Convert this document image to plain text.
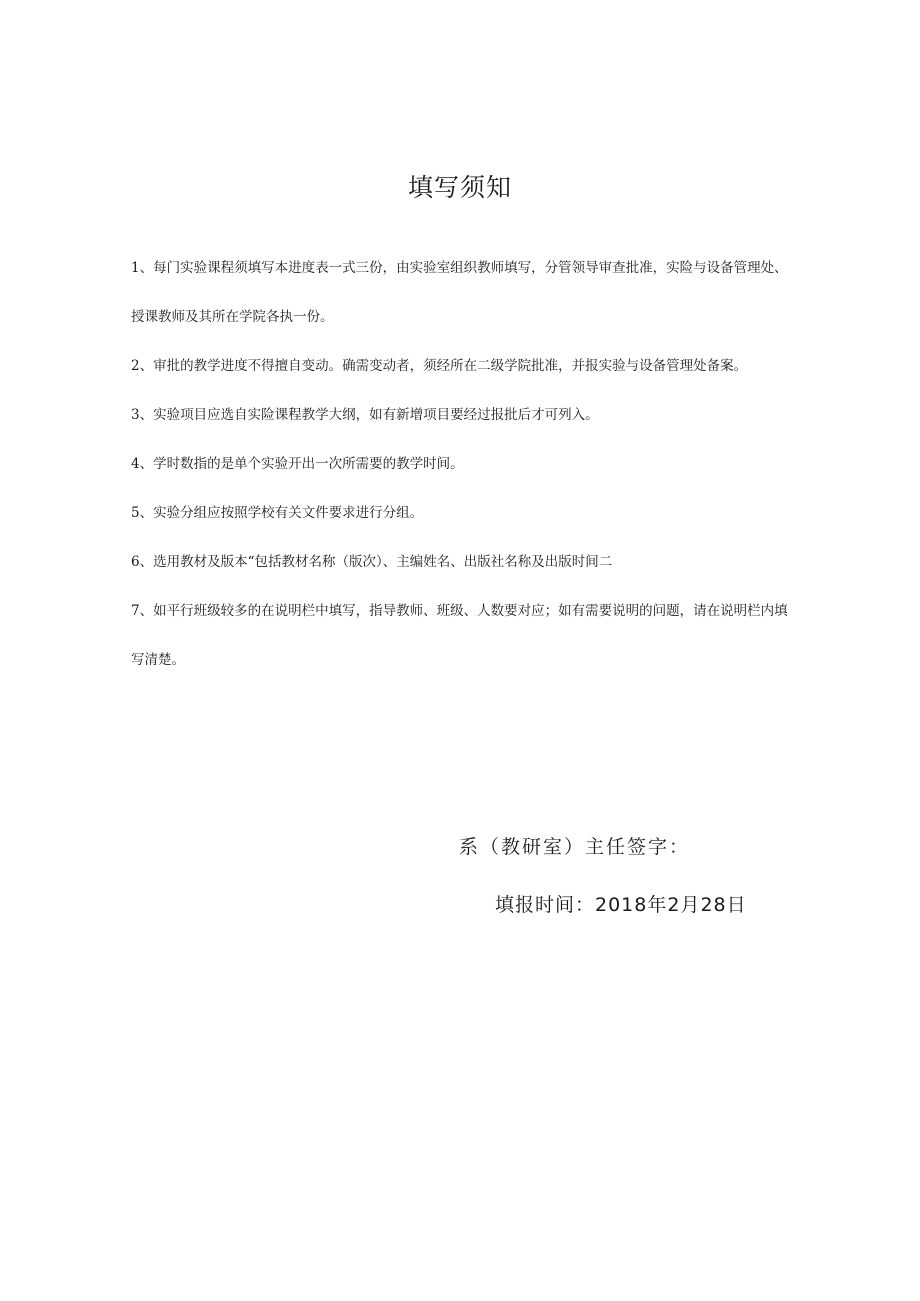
填写须知

1、每门实验课程须填写本进度表一式三份，由实验室组织教师填写，分管领导审查批准，实险与设备管理处、授课教师及其所在学院各执一份。

2、审批的教学进度不得擅自变动。确需变动者，须经所在二级学院批准，并报实验与设备管理处备案。

3、实验项目应选自实险课程教学大纲，如有新增项目要经过报批后才可列入。

4、学时数指的是单个实验开出一次所需要的教学时间。

5、实验分组应按照学校有关文件要求进行分组。

6、选用教材及版本“包括教材名称（版次）、主编姓名、出版社名称及出版时间二

7、如平行班级较多的在说明栏中填写，指导教师、班级、人数要对应；如有需要说明的问题，请在说明栏内填写清楚。

系（教研室）主任签字：
填报时间：2018年2月28日
